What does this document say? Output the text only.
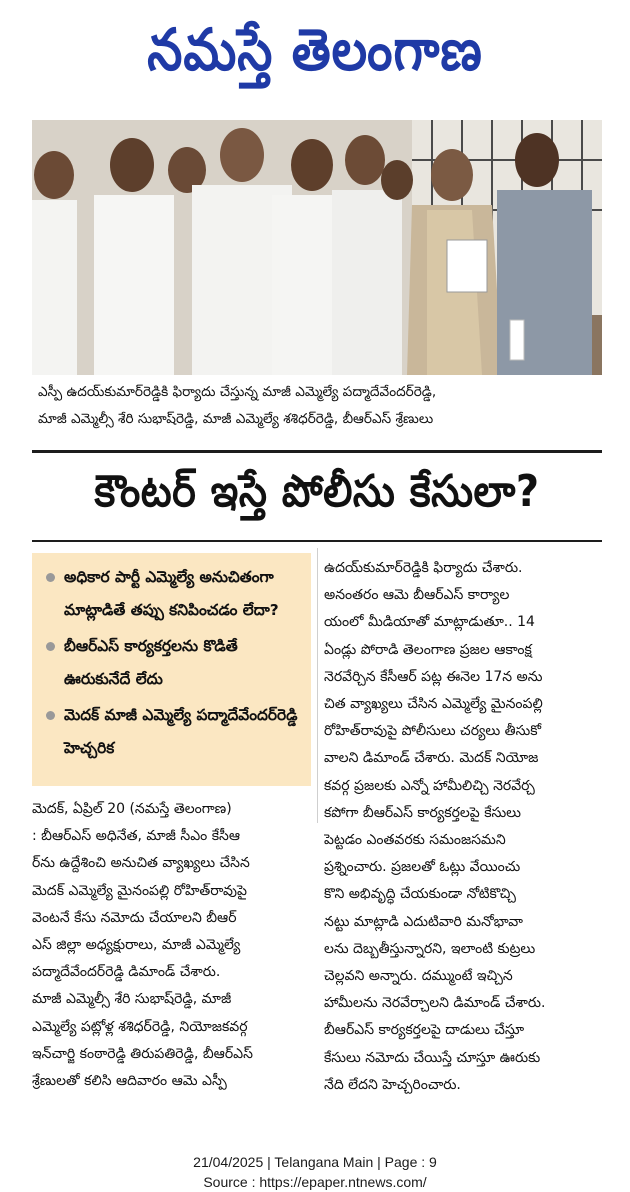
నమస్తే తెలంగాణ
ఎస్పీ ఉదయ్‌కుమార్‌రెడ్డికి ఫిర్యాదు చేస్తున్న మాజీ ఎమ్మెల్యే పద్మాదేవేందర్‌రెడ్డి,
మాజీ ఎమ్మెల్సీ శేరి సుభాష్‌రెడ్డి, మాజీ ఎమ్మెల్యే శశిధర్‌రెడ్డి, బీఆర్‌ఎస్ శ్రేణులు
కౌంటర్ ఇస్తే పోలీసు కేసులా?
అధికార పార్టీ ఎమ్మెల్యే అనుచితంగా మాట్లాడితే తప్పు కనిపించడం లేదా?
బీఆర్‌ఎస్ కార్యకర్తలను కొడితే ఊరుకునేదే లేదు
మెదక్ మాజీ ఎమ్మెల్యే పద్మాదేవేందర్‌రెడ్డి హెచ్చరిక
మెదక్, ఏప్రిల్ 20 (నమస్తే తెలంగాణ)
: బీఆర్‌ఎస్ అధినేత, మాజీ సీఎం కేసీఆ
ర్‌ను ఉద్దేశించి అనుచిత వ్యాఖ్యలు చేసిన
మెదక్ ఎమ్మెల్యే మైనంపల్లి రోహిత్‌రావుపై
వెంటనే కేసు నమోదు చేయాలని బీఆర్
ఎస్ జిల్లా అధ్యక్షురాలు, మాజీ ఎమ్మెల్యే
పద్మాదేవేందర్‌రెడ్డి డిమాండ్ చేశారు.
మాజీ ఎమ్మెల్సీ శేరి సుభాష్‌రెడ్డి, మాజీ
ఎమ్మెల్యే పట్లోళ్ల శశిధర్‌రెడ్డి, నియోజకవర్గ
ఇన్‌చార్జి కంఠారెడ్డి తిరుపతిరెడ్డి, బీఆర్‌ఎస్
శ్రేణులతో కలిసి ఆదివారం ఆమె ఎస్పీ
ఉదయ్‌కుమార్‌రెడ్డికి ఫిర్యాదు చేశారు.
అనంతరం ఆమె బీఆర్‌ఎస్ కార్యాల
యంలో మీడియాతో మాట్లాడుతూ.. 14
ఏండ్లు పోరాడి తెలంగాణ ప్రజల ఆకాంక్ష
నెరవేర్చిన కేసీఆర్ పట్ల ఈనెల 17న అను
చిత వ్యాఖ్యలు చేసిన ఎమ్మెల్యే మైనంపల్లి
రోహిత్‌రావుపై పోలీసులు చర్యలు తీసుకో
వాలని డిమాండ్ చేశారు. మెదక్ నియోజ
కవర్గ ప్రజలకు ఎన్నో హామీలిచ్చి నెరవేర్చ
కపోగా బీఆర్‌ఎస్ కార్యకర్తలపై కేసులు
పెట్టడం ఎంతవరకు సమంజసమని
ప్రశ్నించారు. ప్రజలతో ఓట్లు వేయించు
కొని అభివృద్ధి చేయకుండా నోటికొచ్చి
నట్టు మాట్లాడి ఎదుటివారి మనోభావా
లను దెబ్బతీస్తున్నారని, ఇలాంటి కుట్రలు
చెల్లవని అన్నారు. దమ్ముంటే ఇచ్చిన
హామీలను నెరవేర్చాలని డిమాండ్ చేశారు.
బీఆర్‌ఎస్ కార్యకర్తలపై దాడులు చేస్తూ
కేసులు నమోదు చేయిస్తే చూస్తూ ఊరుకు
నేది లేదని హెచ్చరించారు.
21/04/2025 | Telangana Main | Page : 9
Source : https://epaper.ntnews.com/
